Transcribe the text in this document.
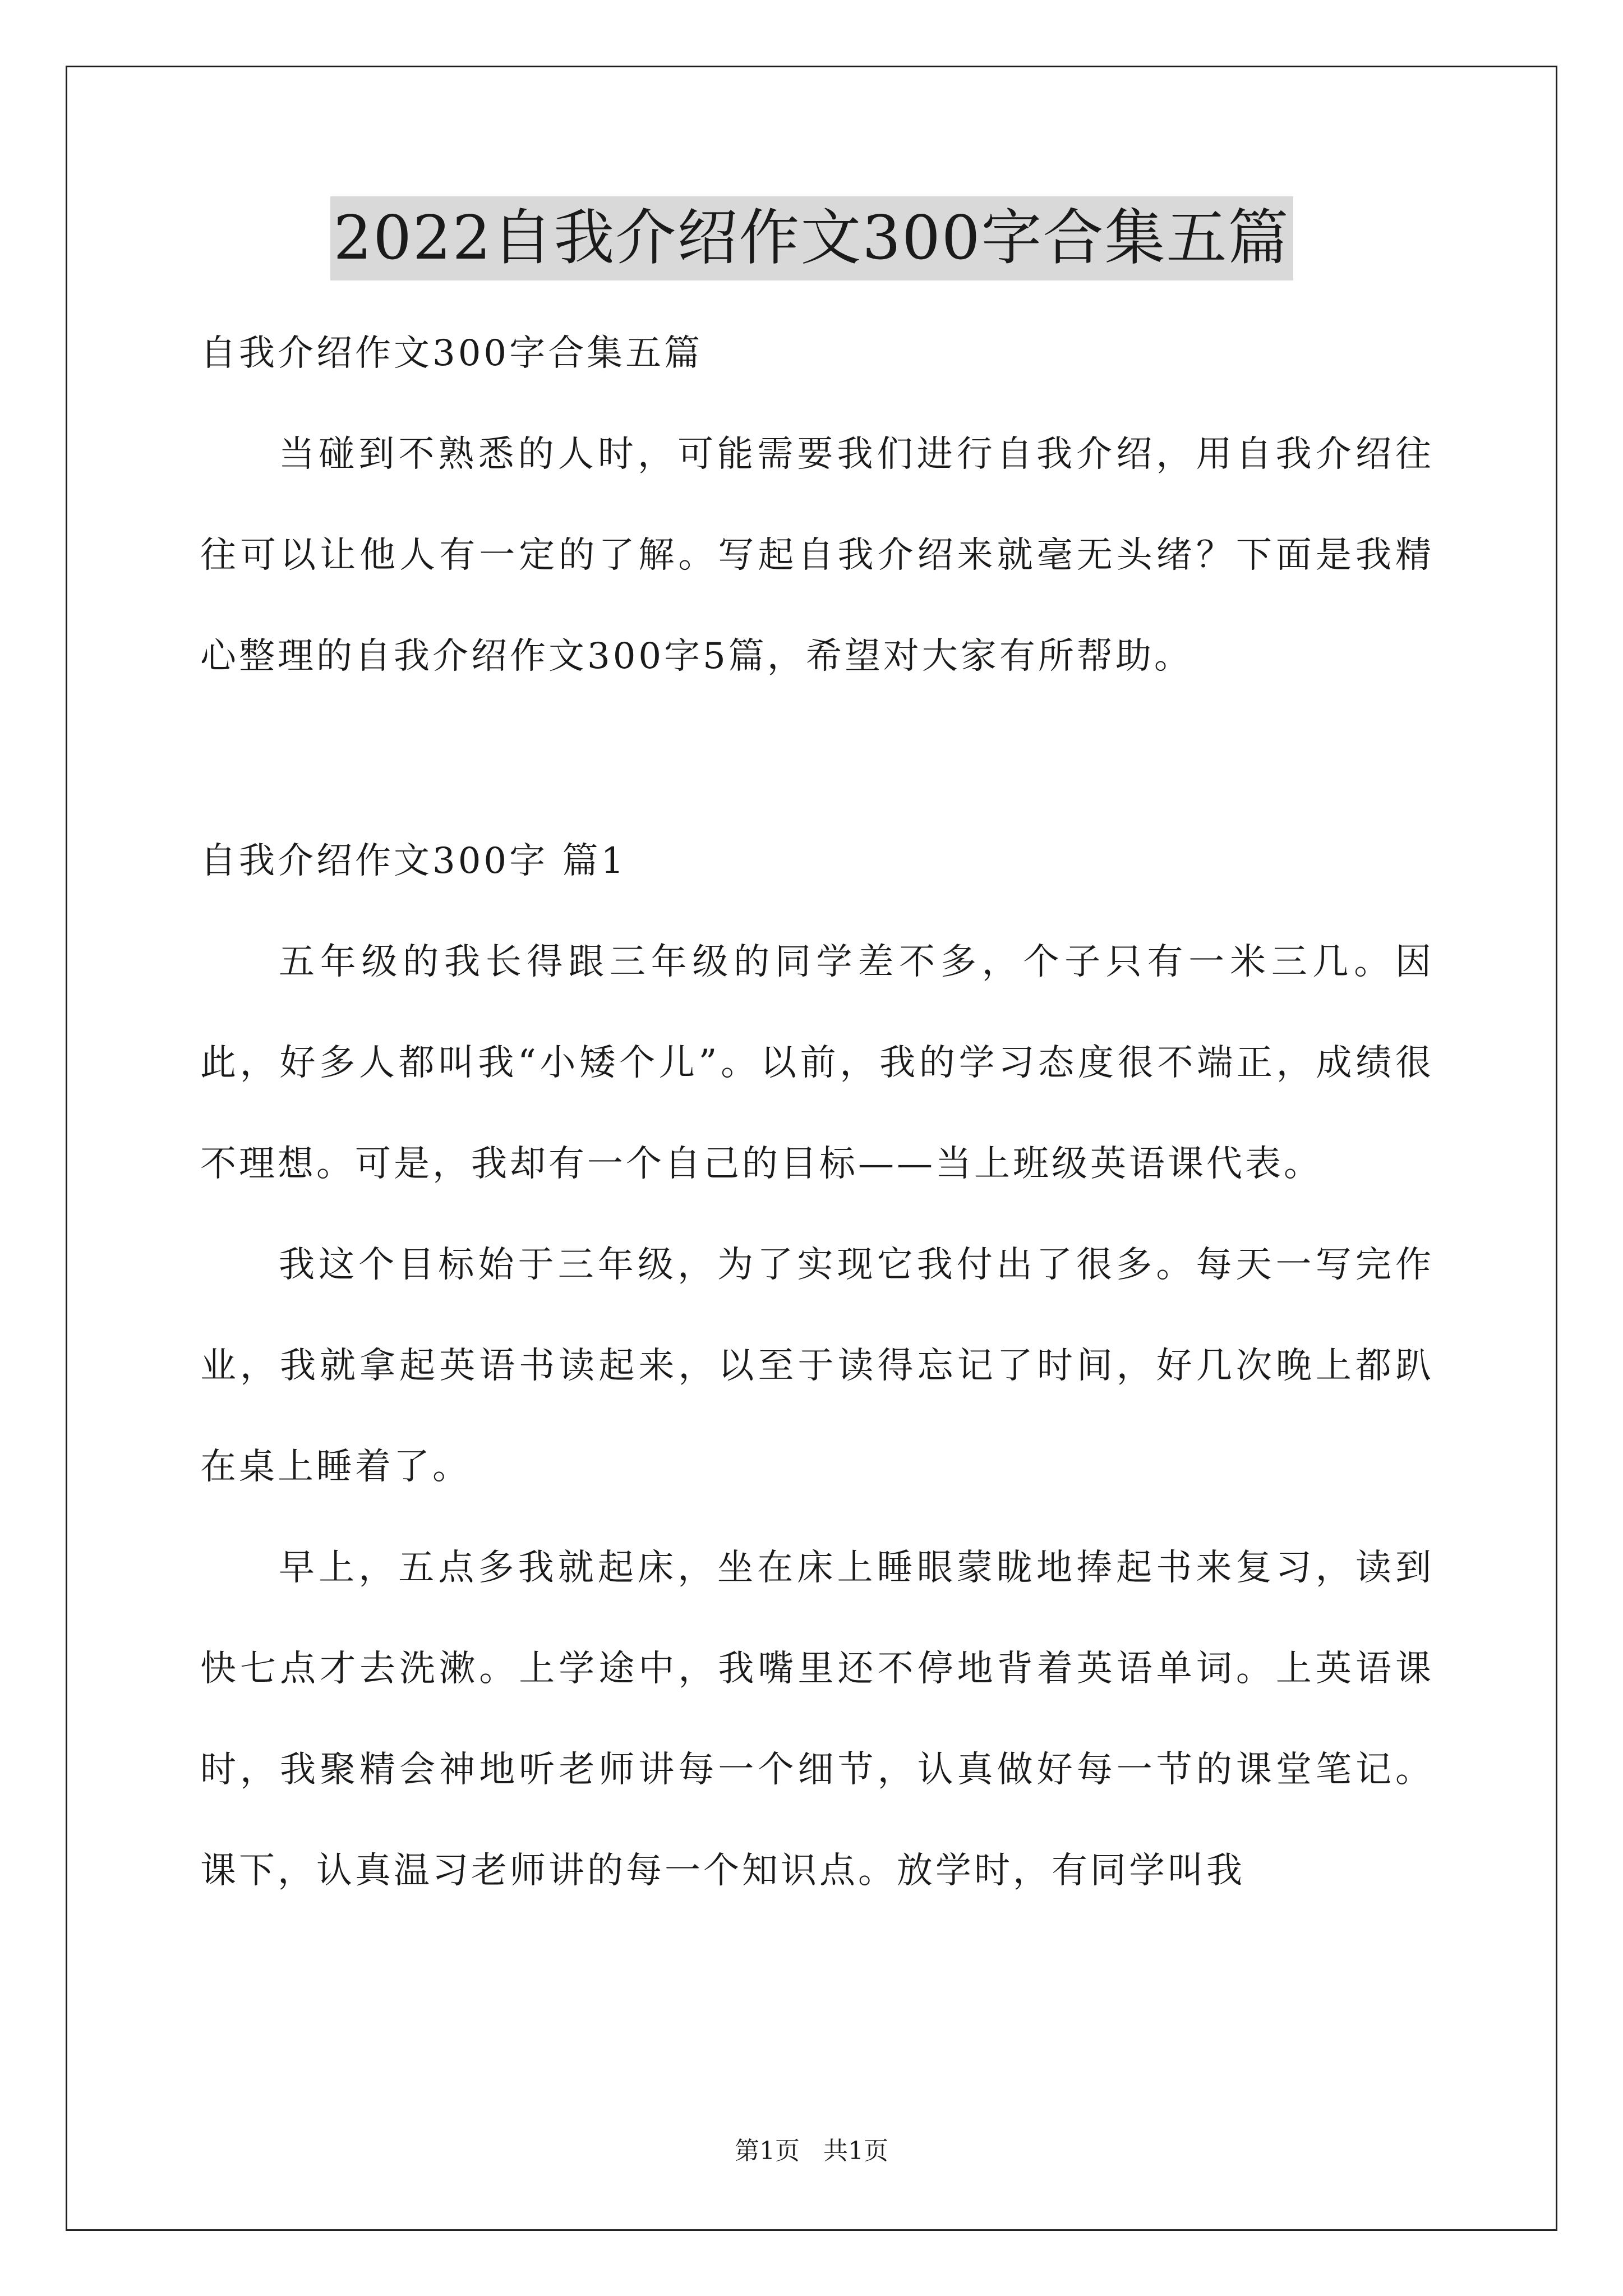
2022自我介绍作文300字合集五篇

自我介绍作文300字合集五篇

当碰到不熟悉的人时，可能需要我们进行自我介绍，用自我介绍往往可以让他人有一定的了解。写起自我介绍来就毫无头绪？下面是我精心整理的自我介绍作文300字5篇，希望对大家有所帮助。

自我介绍作文300字 篇1

五年级的我长得跟三年级的同学差不多，个子只有一米三几。因此，好多人都叫我“小矮个儿”。以前，我的学习态度很不端正，成绩很不理想。可是，我却有一个自己的目标——当上班级英语课代表。

我这个目标始于三年级，为了实现它我付出了很多。每天一写完作业，我就拿起英语书读起来，以至于读得忘记了时间，好几次晚上都趴在桌上睡着了。

早上，五点多我就起床，坐在床上睡眼蒙眬地捧起书来复习，读到快七点才去洗漱。上学途中，我嘴里还不停地背着英语单词。上英语课时，我聚精会神地听老师讲每一个细节，认真做好每一节的课堂笔记。课下，认真温习老师讲的每一个知识点。放学时，有同学叫我

第1页 共1页
